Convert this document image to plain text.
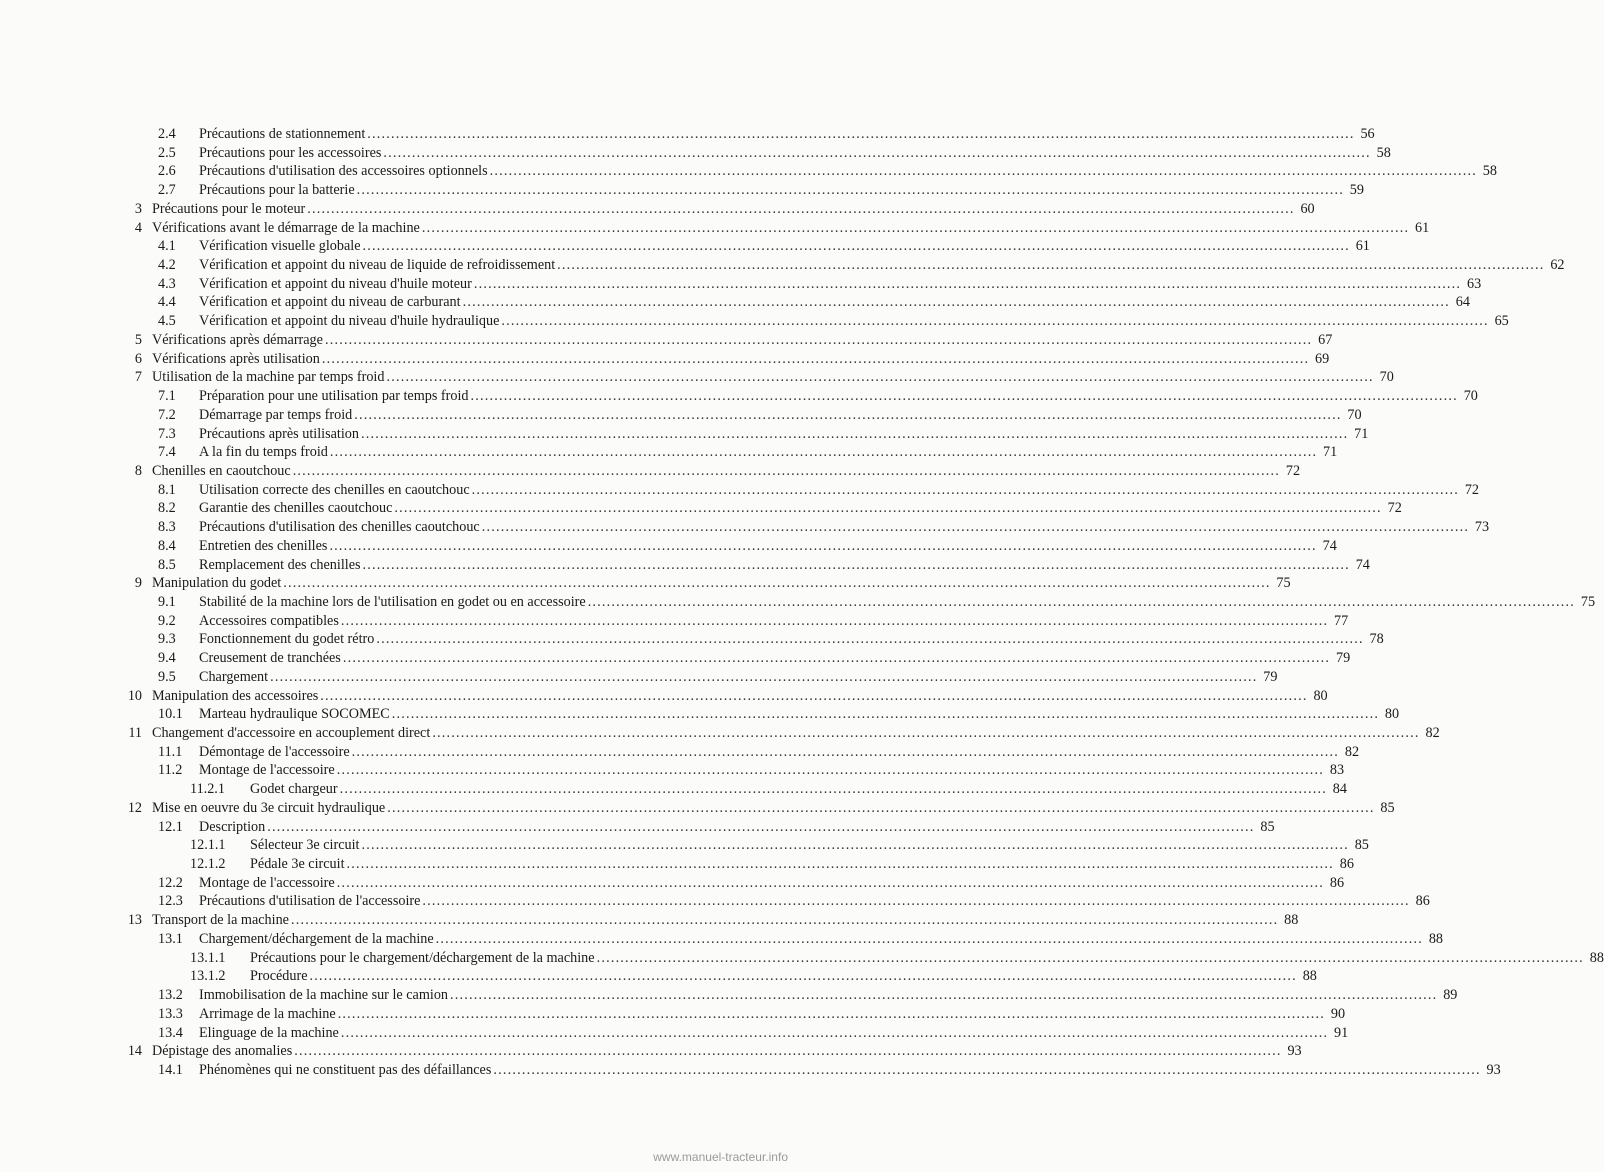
2.4 Précautions de stationnement .....	56
2.5 Précautions pour les accessoires .....	58
2.6 Précautions d'utilisation des accessoires optionnels .....	58
2.7 Précautions pour la batterie .....	59
3 Précautions pour le moteur .....	60
4 Vérifications avant le démarrage de la machine .....	61
4.1 Vérification visuelle globale .....	61
4.2 Vérification et appoint du niveau de liquide de refroidissement .....	62
4.3 Vérification et appoint du niveau d'huile moteur .....	63
4.4 Vérification et appoint du niveau de carburant .....	64
4.5 Vérification et appoint du niveau d'huile hydraulique .....	65
5 Vérifications après démarrage .....	67
6 Vérifications après utilisation .....	69
7 Utilisation de la machine par temps froid .....	70
7.1 Préparation pour une utilisation par temps froid .....	70
7.2 Démarrage par temps froid .....	70
7.3 Précautions après utilisation .....	71
7.4 A la fin du temps froid .....	71
8 Chenilles en caoutchouc .....	72
8.1 Utilisation correcte des chenilles en caoutchouc .....	72
8.2 Garantie des chenilles caoutchouc .....	72
8.3 Précautions d'utilisation des chenilles caoutchouc .....	73
8.4 Entretien des chenilles .....	74
8.5 Remplacement des chenilles .....	74
9 Manipulation du godet .....	75
9.1 Stabilité de la machine lors de l'utilisation en godet ou en accessoire .....	75
9.2 Accessoires compatibles .....	77
9.3 Fonctionnement du godet rétro .....	78
9.4 Creusement de tranchées .....	79
9.5 Chargement .....	79
10 Manipulation des accessoires .....	80
10.1 Marteau hydraulique SOCOMEC .....	80
11 Changement d'accessoire en accouplement direct .....	82
11.1 Démontage de l'accessoire .....	82
11.2 Montage de l'accessoire .....	83
11.2.1 Godet chargeur .....	84
12 Mise en oeuvre du 3e circuit hydraulique .....	85
12.1 Description .....	85
12.1.1 Sélecteur 3e circuit .....	85
12.1.2 Pédale 3e circuit .....	86
12.2 Montage de l'accessoire .....	86
12.3 Précautions d'utilisation de l'accessoire .....	86
13 Transport de la machine .....	88
13.1 Chargement/déchargement de la machine .....	88
13.1.1 Précautions pour le chargement/déchargement de la machine .....	88
13.1.2 Procédure .....	88
13.2 Immobilisation de la machine sur le camion .....	89
13.3 Arrimage de la machine .....	90
13.4 Elinguage de la machine .....	91
14 Dépistage des anomalies .....	93
14.1 Phénomènes qui ne constituent pas des défaillances .....	93
www.manuel-tracteur.info
